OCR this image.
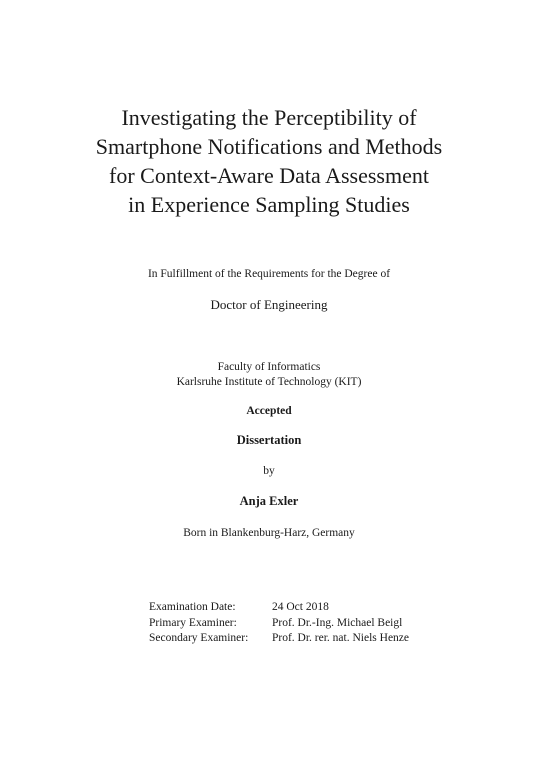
Investigating the Perceptibility of
Smartphone Notifications and Methods
for Context-Aware Data Assessment
in Experience Sampling Studies
In Fulfillment of the Requirements for the Degree of
Doctor of Engineering
Faculty of Informatics
Karlsruhe Institute of Technology (KIT)
Accepted
Dissertation
by
Anja Exler
Born in Blankenburg-Harz, Germany
Examination Date:	24 Oct 2018
Primary Examiner:	Prof. Dr.-Ing. Michael Beigl
Secondary Examiner:	Prof. Dr. rer. nat. Niels Henze
